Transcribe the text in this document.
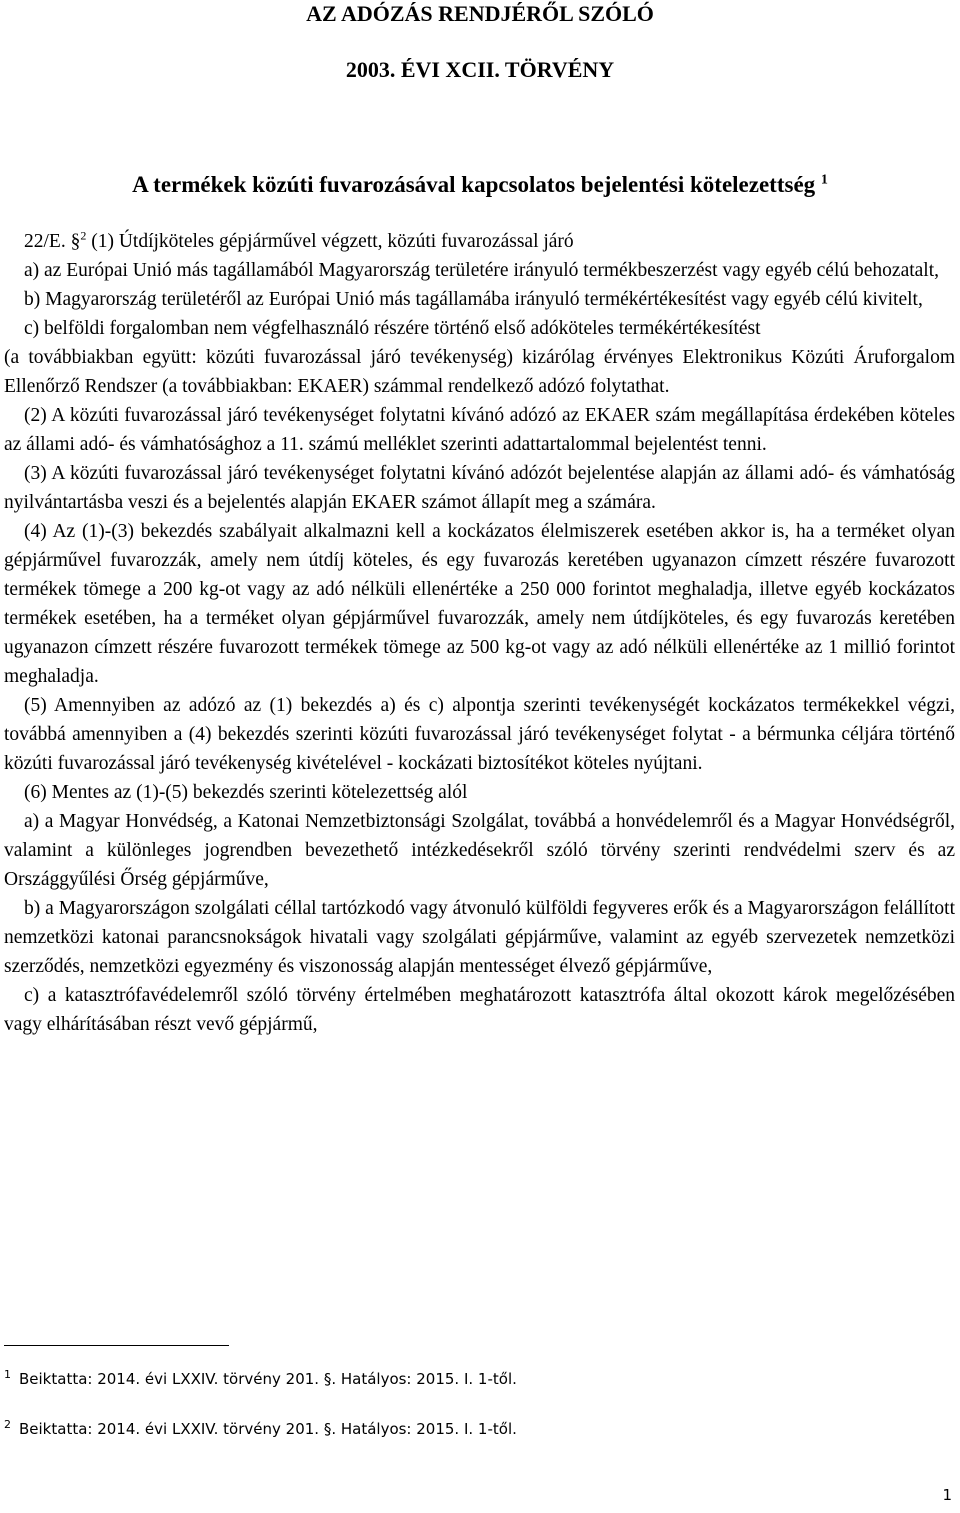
AZ ADÓZÁS RENDJÉRŐL SZÓLÓ
2003. ÉVI XCII. TÖRVÉNY
A termékek közúti fuvarozásával kapcsolatos bejelentési kötelezettség $^1$

22/E. §$^2$ (1) Útdíjköteles gépjárművel végzett, közúti fuvarozással járó

a) az Európai Unió más tagállamából Magyarország területére irányuló termékbeszerzést vagy egyéb célú behozatalt,

b) Magyarország területéről az Európai Unió más tagállamába irányuló termékértékesítést vagy egyéb célú kivitelt,

c) belföldi forgalomban nem végfelhasználó részére történő első adóköteles termékértékesítést

(a továbbiakban együtt: közúti fuvarozással járó tevékenység) kizárólag érvényes Elektronikus Közúti Áruforgalom Ellenőrző Rendszer (a továbbiakban: EKAER) számmal rendelkező adózó folytathat.

(2) A közúti fuvarozással járó tevékenységet folytatni kívánó adózó az EKAER szám megállapítása érdekében köteles az állami adó- és vámhatósághoz a 11. számú melléklet szerinti adattartalommal bejelentést tenni.

(3) A közúti fuvarozással járó tevékenységet folytatni kívánó adózót bejelentése alapján az állami adó- és vámhatóság nyilvántartásba veszi és a bejelentés alapján EKAER számot állapít meg a számára.

(4) Az (1)-(3) bekezdés szabályait alkalmazni kell a kockázatos élelmiszerek esetében akkor is, ha a terméket olyan gépjárművel fuvarozzák, amely nem útdíj köteles, és egy fuvarozás keretében ugyanazon címzett részére fuvarozott termékek tömege a 200 kg-ot vagy az adó nélküli ellenértéke a 250 000 forintot meghaladja, illetve egyéb kockázatos termékek esetében, ha a terméket olyan gépjárművel fuvarozzák, amely nem útdíjköteles, és egy fuvarozás keretében ugyanazon címzett részére fuvarozott termékek tömege az 500 kg-ot vagy az adó nélküli ellenértéke az 1 millió forintot meghaladja.

(5) Amennyiben az adózó az (1) bekezdés a) és c) alpontja szerinti tevékenységét kockázatos termékekkel végzi, továbbá amennyiben a (4) bekezdés szerinti közúti fuvarozással járó tevékenységet folytat - a bérmunka céljára történő közúti fuvarozással járó tevékenység kivételével - kockázati biztosítékot köteles nyújtani.

(6) Mentes az (1)-(5) bekezdés szerinti kötelezettség alól

a) a Magyar Honvédség, a Katonai Nemzetbiztonsági Szolgálat, továbbá a honvédelemről és a Magyar Honvédségről, valamint a különleges jogrendben bevezethető intézkedésekről szóló törvény szerinti rendvédelmi szerv és az Országgyűlési Őrség gépjárműve,

b) a Magyarországon szolgálati céllal tartózkodó vagy átvonuló külföldi fegyveres erők és a Magyarországon felállított nemzetközi katonai parancsnokságok hivatali vagy szolgálati gépjárműve, valamint az egyéb szervezetek nemzetközi szerződés, nemzetközi egyezmény és viszonosság alapján mentességet élvező gépjárműve,

c) a katasztrófavédelemről szóló törvény értelmében meghatározott katasztrófa által okozott károk megelőzésében vagy elhárításában részt vevő gépjármű,

$^1$ Beiktatta: 2014. évi LXXIV. törvény 201. §. Hatályos: 2015. I. 1-től.

$^2$ Beiktatta: 2014. évi LXXIV. törvény 201. §. Hatályos: 2015. I. 1-től.

1
